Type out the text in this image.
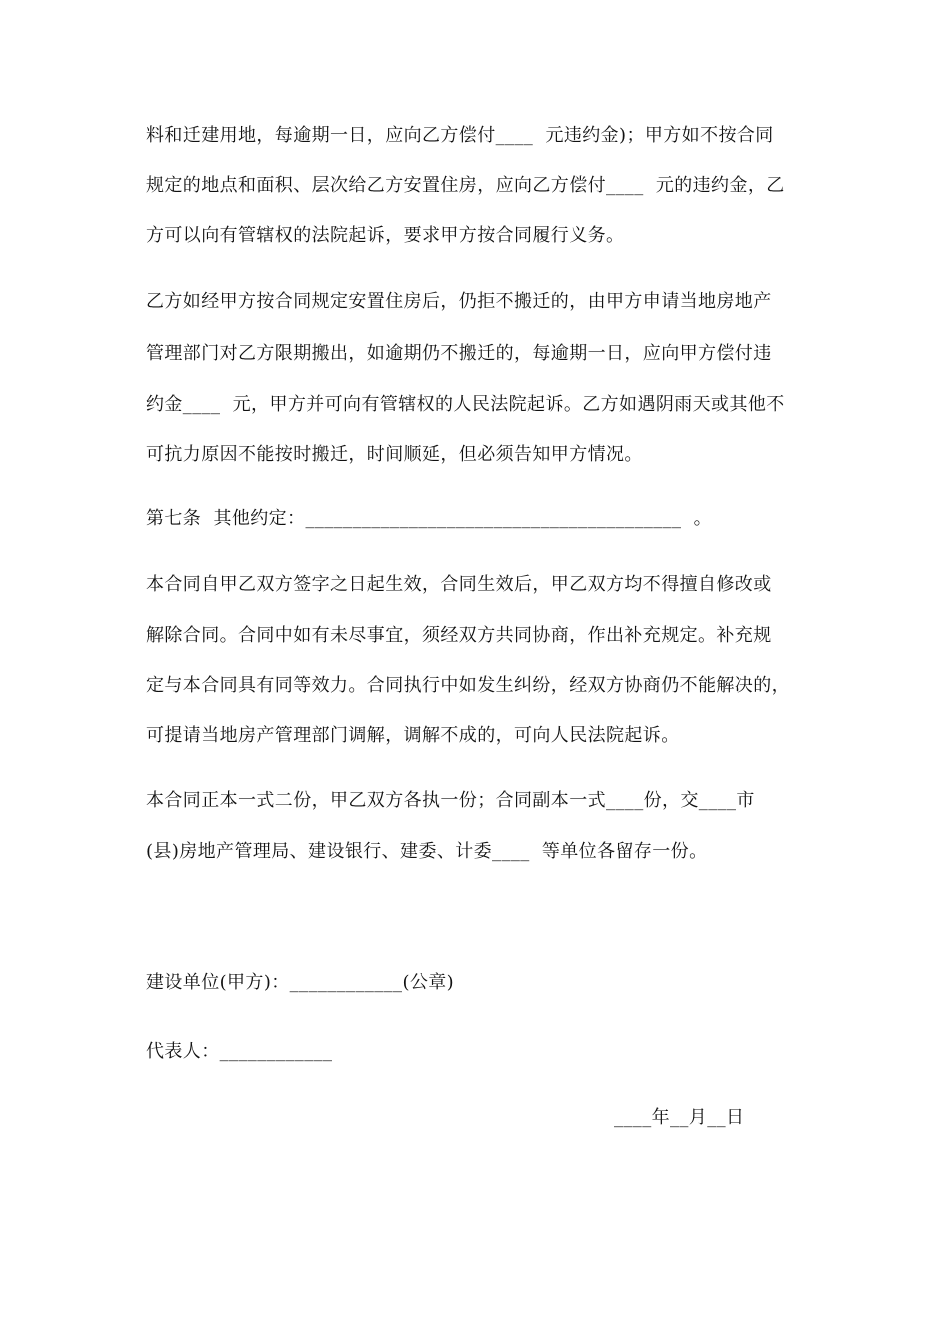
料和迁建用地，每逾期一日，应向乙方偿付____  元违约金)；甲方如不按合同
规定的地点和面积、层次给乙方安置住房，应向乙方偿付____  元的违约金，乙
方可以向有管辖权的法院起诉，要求甲方按合同履行义务。
乙方如经甲方按合同规定安置住房后，仍拒不搬迁的，由甲方申请当地房地产
管理部门对乙方限期搬出，如逾期仍不搬迁的，每逾期一日，应向甲方偿付违
约金____  元，甲方并可向有管辖权的人民法院起诉。乙方如遇阴雨天或其他不
可抗力原因不能按时搬迁，时间顺延，但必须告知甲方情况。
第七条  其他约定：________________________________________  。
本合同自甲乙双方签字之日起生效，合同生效后，甲乙双方均不得擅自修改或
解除合同。合同中如有未尽事宜，须经双方共同协商，作出补充规定。补充规
定与本合同具有同等效力。合同执行中如发生纠纷，经双方协商仍不能解决的，
可提请当地房产管理部门调解，调解不成的，可向人民法院起诉。
本合同正本一式二份，甲乙双方各执一份；合同副本一式____份，交____市
(县)房地产管理局、建设银行、建委、计委____  等单位各留存一份。
建设单位(甲方)：____________(公章)
代表人：____________
____年__月__日
